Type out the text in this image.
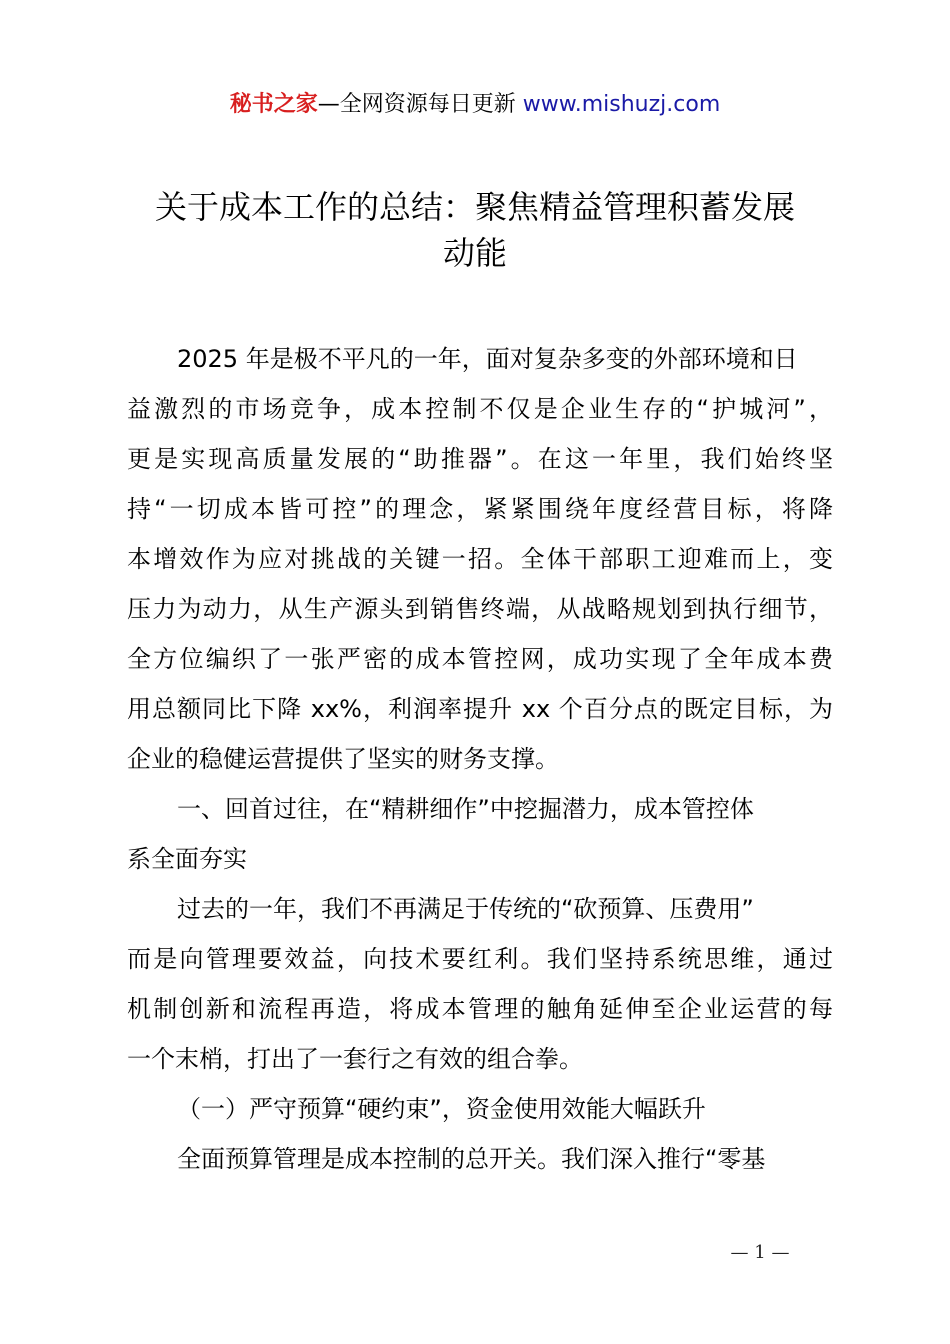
秘书之家—全网资源每日更新 www.mishuzj.com
关于成本工作的总结：聚焦精益管理积蓄发展
动能
2025 年是极不平凡的一年，面对复杂多变的外部环境和日
益激烈的市场竞争，成本控制不仅是企业生存的“护城河”，
更是实现高质量发展的“助推器”。在这一年里，我们始终坚
持“一切成本皆可控”的理念，紧紧围绕年度经营目标，将降
本增效作为应对挑战的关键一招。全体干部职工迎难而上，变
压力为动力，从生产源头到销售终端，从战略规划到执行细节，
全方位编织了一张严密的成本管控网，成功实现了全年成本费
用总额同比下降 xx%，利润率提升 xx 个百分点的既定目标，为
企业的稳健运营提供了坚实的财务支撑。
一、回首过往，在“精耕细作”中挖掘潜力，成本管控体
系全面夯实
过去的一年，我们不再满足于传统的“砍预算、压费用”
而是向管理要效益，向技术要红利。我们坚持系统思维，通过
机制创新和流程再造，将成本管理的触角延伸至企业运营的每
一个末梢，打出了一套行之有效的组合拳。
（一）严守预算“硬约束”，资金使用效能大幅跃升
全面预算管理是成本控制的总开关。我们深入推行“零基
— 1 —
